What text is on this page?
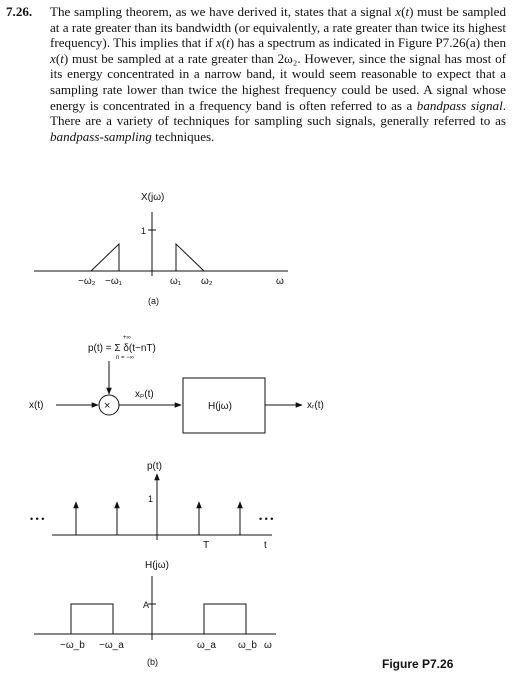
7.26. The sampling theorem, as we have derived it, states that a signal x(t) must be sampled at a rate greater than its bandwidth (or equivalently, a rate greater than twice its highest frequency). This implies that if x(t) has a spectrum as indicated in Figure P7.26(a) then x(t) must be sampled at a rate greater than 2ω₂. However, since the signal has most of its energy concentrated in a narrow band, it would seem reasonable to expect that a sampling rate lower than twice the highest frequency could be used. A signal whose energy is concentrated in a frequency band is often referred to as a bandpass signal. There are a variety of techniques for sampling such signals, generally referred to as bandpass-sampling techniques.
X(jω)
1
−ω₂ −ω₁	ω₁ ω₂	ω
(a)
+∞
p(t) = Σ δ(t−nT)
n = −∞
x(t)	×
xₚ(t)
H(jω)	xᵣ(t)
p(t)
1
• • •	• • •
T	t
H(jω)
A
−ω_b −ω_a	ω_a ω_b ω
(b)	Figure P7.26
